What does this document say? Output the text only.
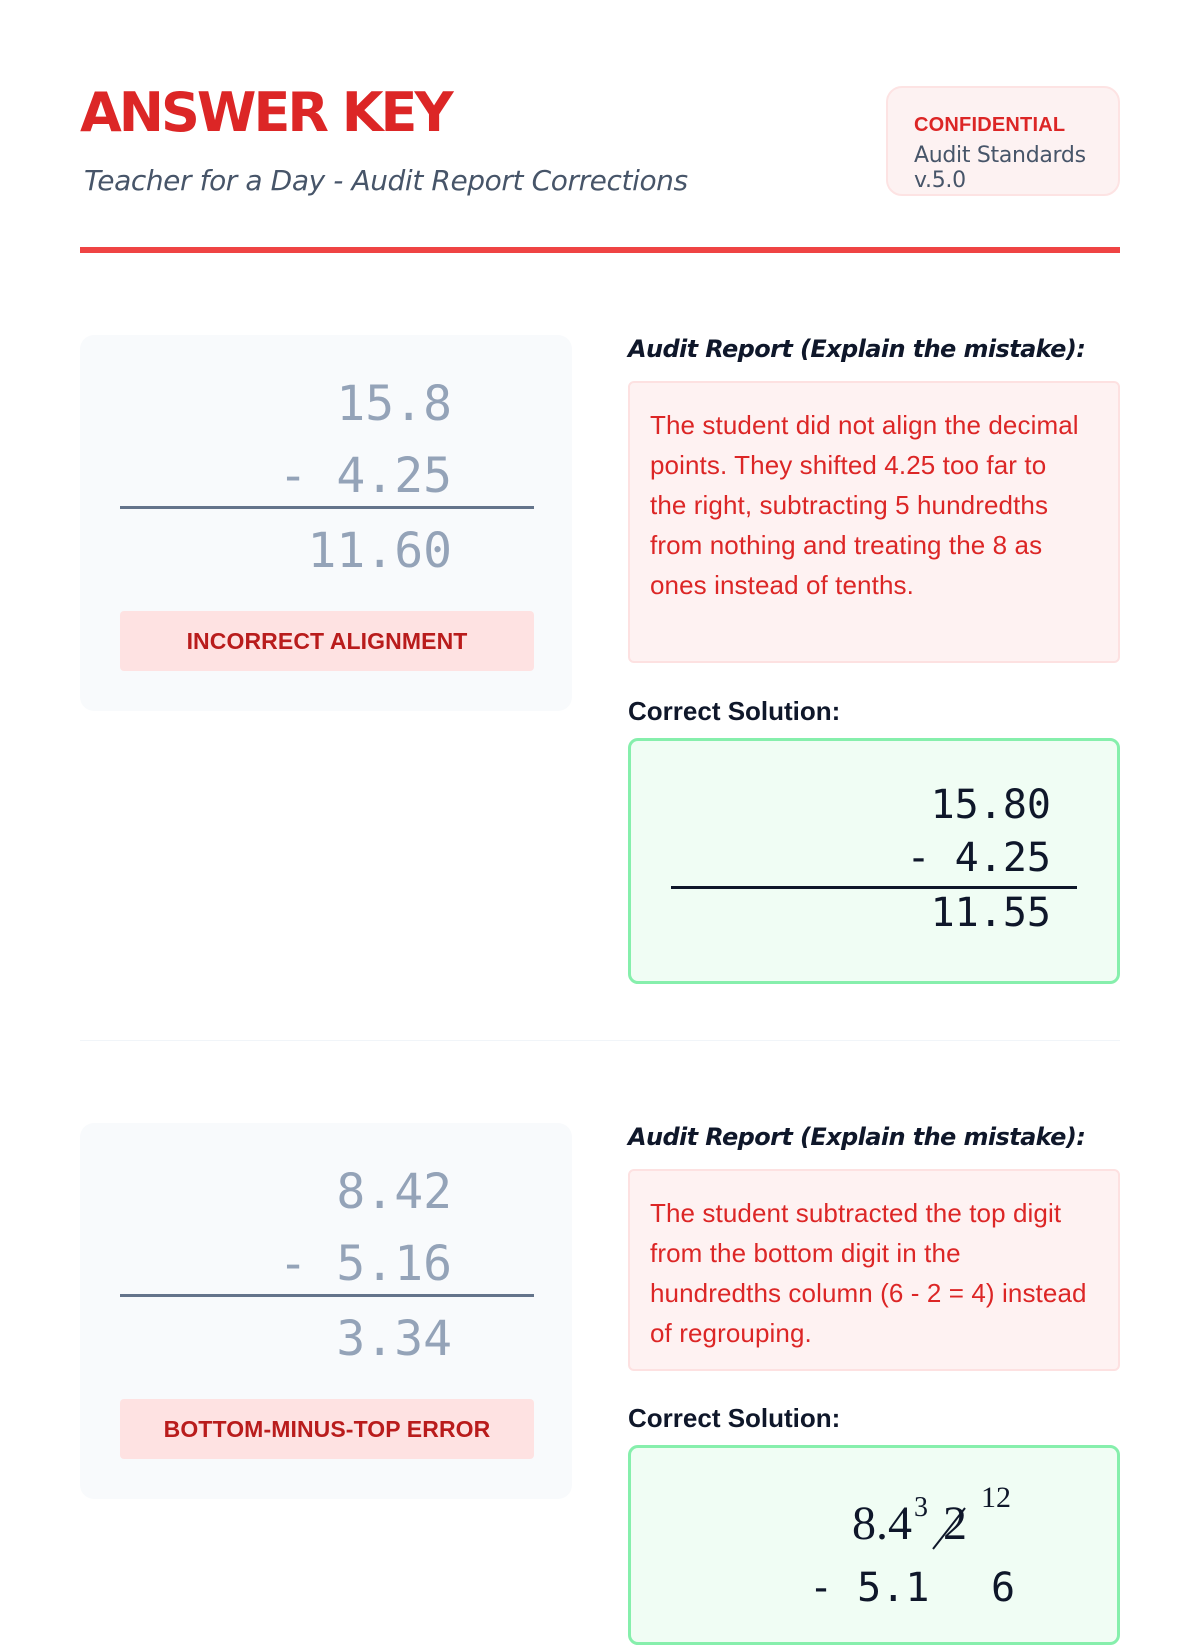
ANSWER KEY
Teacher for a Day - Audit Report Corrections
CONFIDENTIAL
Audit Standards v.5.0
15.8
- 4.25
11.60
INCORRECT ALIGNMENT
Audit Report (Explain the mistake):
The student did not align the decimal points. They shifted 4.25 too far to the right, subtracting 5 hundredths from nothing and treating the 8 as ones instead of tenths.
Correct Solution:
15.80
- 4.25
11.55
8.42
- 5.16
3.34
BOTTOM-MINUS-TOP ERROR
Audit Report (Explain the mistake):
The student subtracted the top digit from the bottom digit in the hundredths column (6 - 2 = 4) instead of regrouping.
Correct Solution:
8.4 3 2 12
- 5.1 6
